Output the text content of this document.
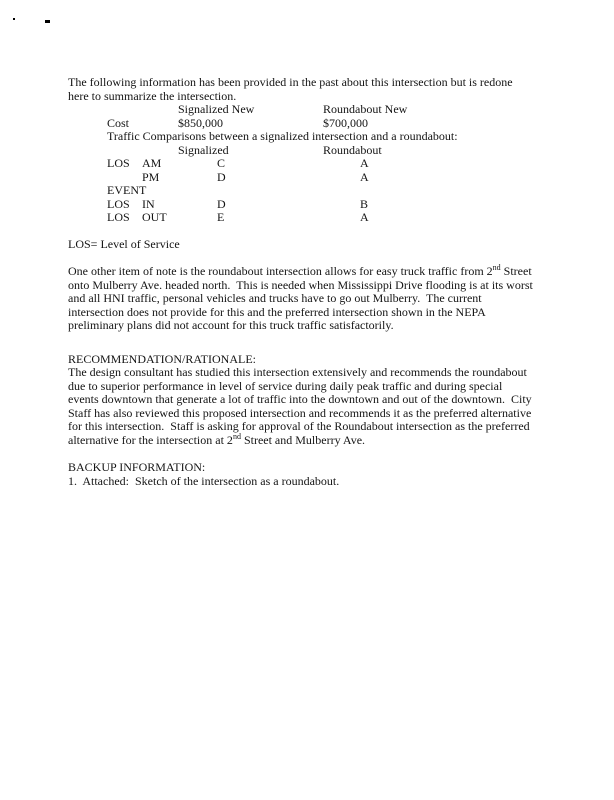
The following information has been provided in the past about this intersection but is redone
here to summarize the intersection.
Signalized New	Roundabout New
Cost	$850,000	$700,000
Traffic Comparisons between a signalized intersection and a roundabout:
Signalized	Roundabout
LOS AM	C	A
PM	D	A
EVENT
LOS IN	D	B
LOS OUT	E	A
LOS= Level of Service
One other item of note is the roundabout intersection allows for easy truck traffic from 2nd Street
onto Mulberry Ave. headed north.  This is needed when Mississippi Drive flooding is at its worst
and all HNI traffic, personal vehicles and trucks have to go out Mulberry.  The current
intersection does not provide for this and the preferred intersection shown in the NEPA
preliminary plans did not account for this truck traffic satisfactorily.
RECOMMENDATION/RATIONALE:
The design consultant has studied this intersection extensively and recommends the roundabout
due to superior performance in level of service during daily peak traffic and during special
events downtown that generate a lot of traffic into the downtown and out of the downtown.  City
Staff has also reviewed this proposed intersection and recommends it as the preferred alternative
for this intersection.  Staff is asking for approval of the Roundabout intersection as the preferred
alternative for the intersection at 2nd Street and Mulberry Ave.
BACKUP INFORMATION:
1.  Attached:  Sketch of the intersection as a roundabout.
